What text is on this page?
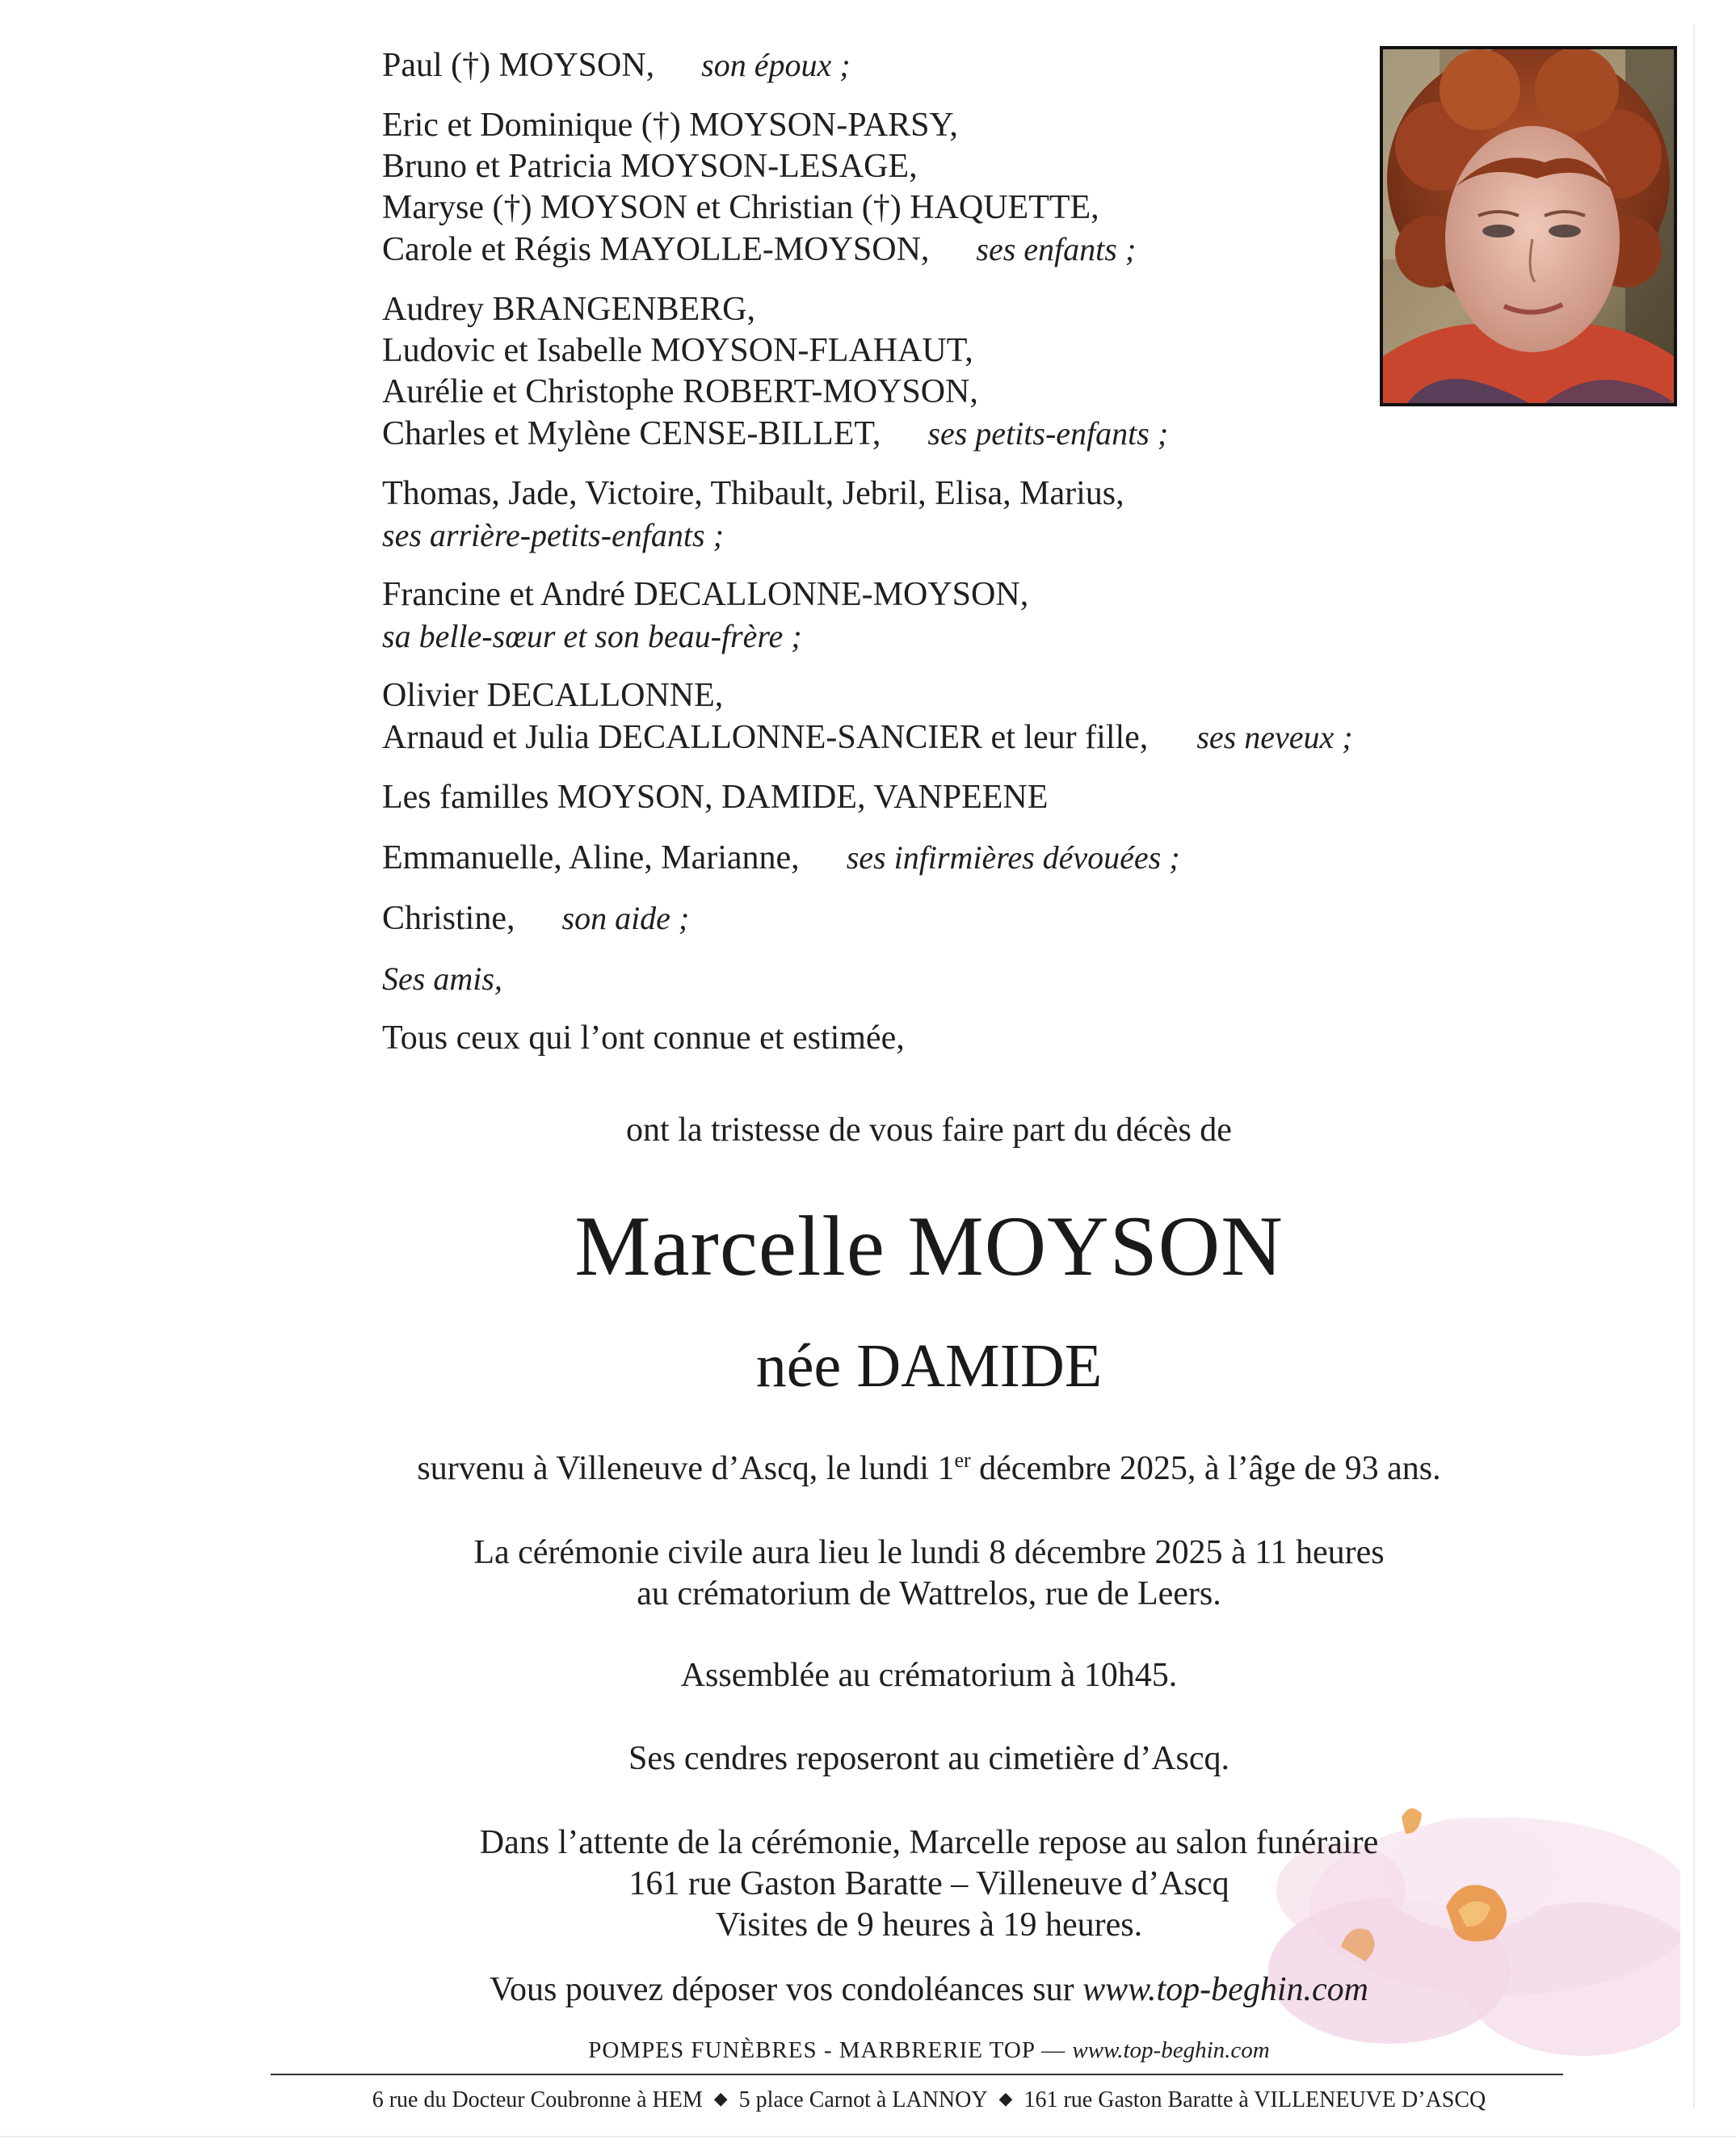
Paul (†) MOYSON, son époux ;
Eric et Dominique (†) MOYSON-PARSY,
Bruno et Patricia MOYSON-LESAGE,
Maryse (†) MOYSON et Christian (†) HAQUETTE,
Carole et Régis MAYOLLE-MOYSON, ses enfants ;
Audrey BRANGENBERG,
Ludovic et Isabelle MOYSON-FLAHAUT,
Aurélie et Christophe ROBERT-MOYSON,
Charles et Mylène CENSE-BILLET, ses petits-enfants ;
Thomas, Jade, Victoire, Thibault, Jebril, Elisa, Marius,
ses arrière-petits-enfants ;
Francine et André DECALLONNE-MOYSON,
sa belle-sœur et son beau-frère ;
Olivier DECALLONNE,
Arnaud et Julia DECALLONNE-SANCIER et leur fille, ses neveux ;
Les familles MOYSON, DAMIDE, VANPEENE
Emmanuelle, Aline, Marianne, ses infirmières dévouées ;
Christine, son aide ;
Ses amis,
Tous ceux qui l’ont connue et estimée,
ont la tristesse de vous faire part du décès de
Marcelle MOYSON
née DAMIDE
survenu à Villeneuve d’Ascq, le lundi 1er décembre 2025, à l’âge de 93 ans.
La cérémonie civile aura lieu le lundi 8 décembre 2025 à 11 heures
au crématorium de Wattrelos, rue de Leers.
Assemblée au crématorium à 10h45.
Ses cendres reposeront au cimetière d’Ascq.
Dans l’attente de la cérémonie, Marcelle repose au salon funéraire
161 rue Gaston Baratte – Villeneuve d’Ascq
Visites de 9 heures à 19 heures.
Vous pouvez déposer vos condoléances sur www.top-beghin.com
POMPES FUNÈBRES - MARBRERIE TOP — www.top-beghin.com
6 rue du Docteur Coubronne à HEM ◆ 5 place Carnot à LANNOY ◆ 161 rue Gaston Baratte à VILLENEUVE D’ASCQ
